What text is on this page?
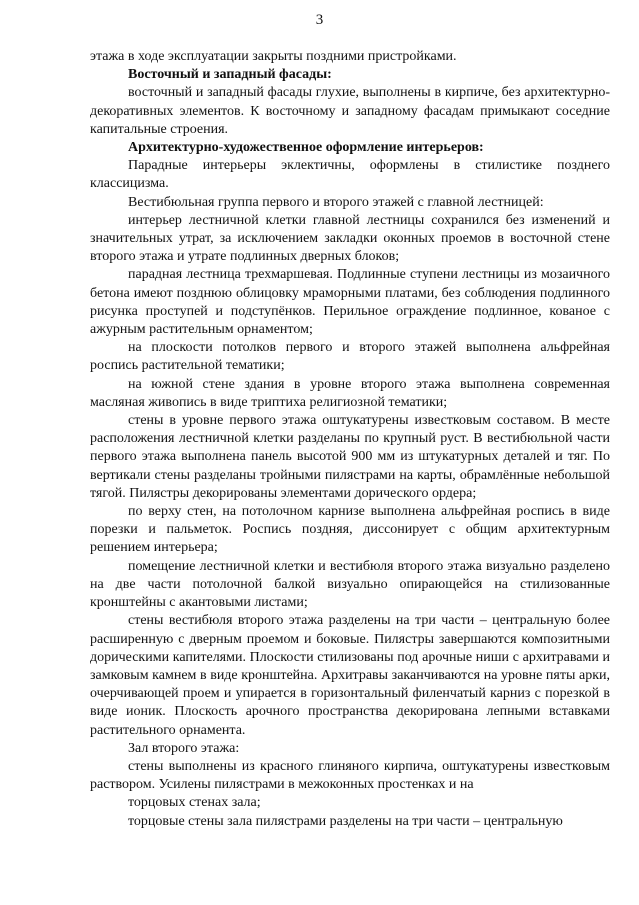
3

этажа в ходе эксплуатации закрыты поздними пристройками.

Восточный и западный фасады:

восточный и западный фасады глухие, выполнены в кирпиче, без архитектурно-декоративных элементов. К восточному и западному фасадам примыкают соседние капитальные строения.

Архитектурно-художественное оформление интерьеров:

Парадные интерьеры эклектичны, оформлены в стилистике позднего классицизма.

Вестибюльная группа первого и второго этажей с главной лестницей:

интерьер лестничной клетки главной лестницы сохранился без изменений и значительных утрат, за исключением закладки оконных проемов в восточной стене второго этажа и утрате подлинных дверных блоков;

парадная лестница трехмаршевая. Подлинные ступени лестницы из мозаичного бетона имеют позднюю облицовку мраморными платами, без соблюдения подлинного рисунка проступей и подступёнков. Перильное ограждение подлинное, кованое с ажурным растительным орнаментом;

на плоскости потолков первого и второго этажей выполнена альфрейная роспись растительной тематики;

на южной стене здания в уровне второго этажа выполнена современная масляная живопись в виде триптиха религиозной тематики;

стены в уровне первого этажа оштукатурены известковым составом. В месте расположения лестничной клетки разделаны по крупный руст. В вестибюльной части первого этажа выполнена панель высотой 900 мм из штукатурных деталей и тяг. По вертикали стены разделаны тройными пилястрами на карты, обрамлённые небольшой тягой. Пилястры декорированы элементами дорического ордера;

по верху стен, на потолочном карнизе выполнена альфрейная роспись в виде порезки и пальметок. Роспись поздняя, диссонирует с общим архитектурным решением интерьера;

помещение лестничной клетки и вестибюля второго этажа визуально разделено на две части потолочной балкой визуально опирающейся на стилизованные кронштейны с акантовыми листами;

стены вестибюля второго этажа разделены на три части – центральную более расширенную с дверным проемом и боковые. Пилястры завершаются композитными дорическими капителями. Плоскости стилизованы под арочные ниши с архитравами и замковым камнем в виде кронштейна. Архитравы заканчиваются на уровне пяты арки, очерчивающей проем и упирается в горизонтальный филенчатый карниз с порезкой в виде ионик. Плоскость арочного пространства декорирована лепными вставками растительного орнамента.

Зал второго этажа:

стены выполнены из красного глиняного кирпича, оштукатурены известковым раствором. Усилены пилястрами в межоконных простенках и на

торцовых стенах зала;

торцовые стены зала пилястрами разделены на три части – центральную
